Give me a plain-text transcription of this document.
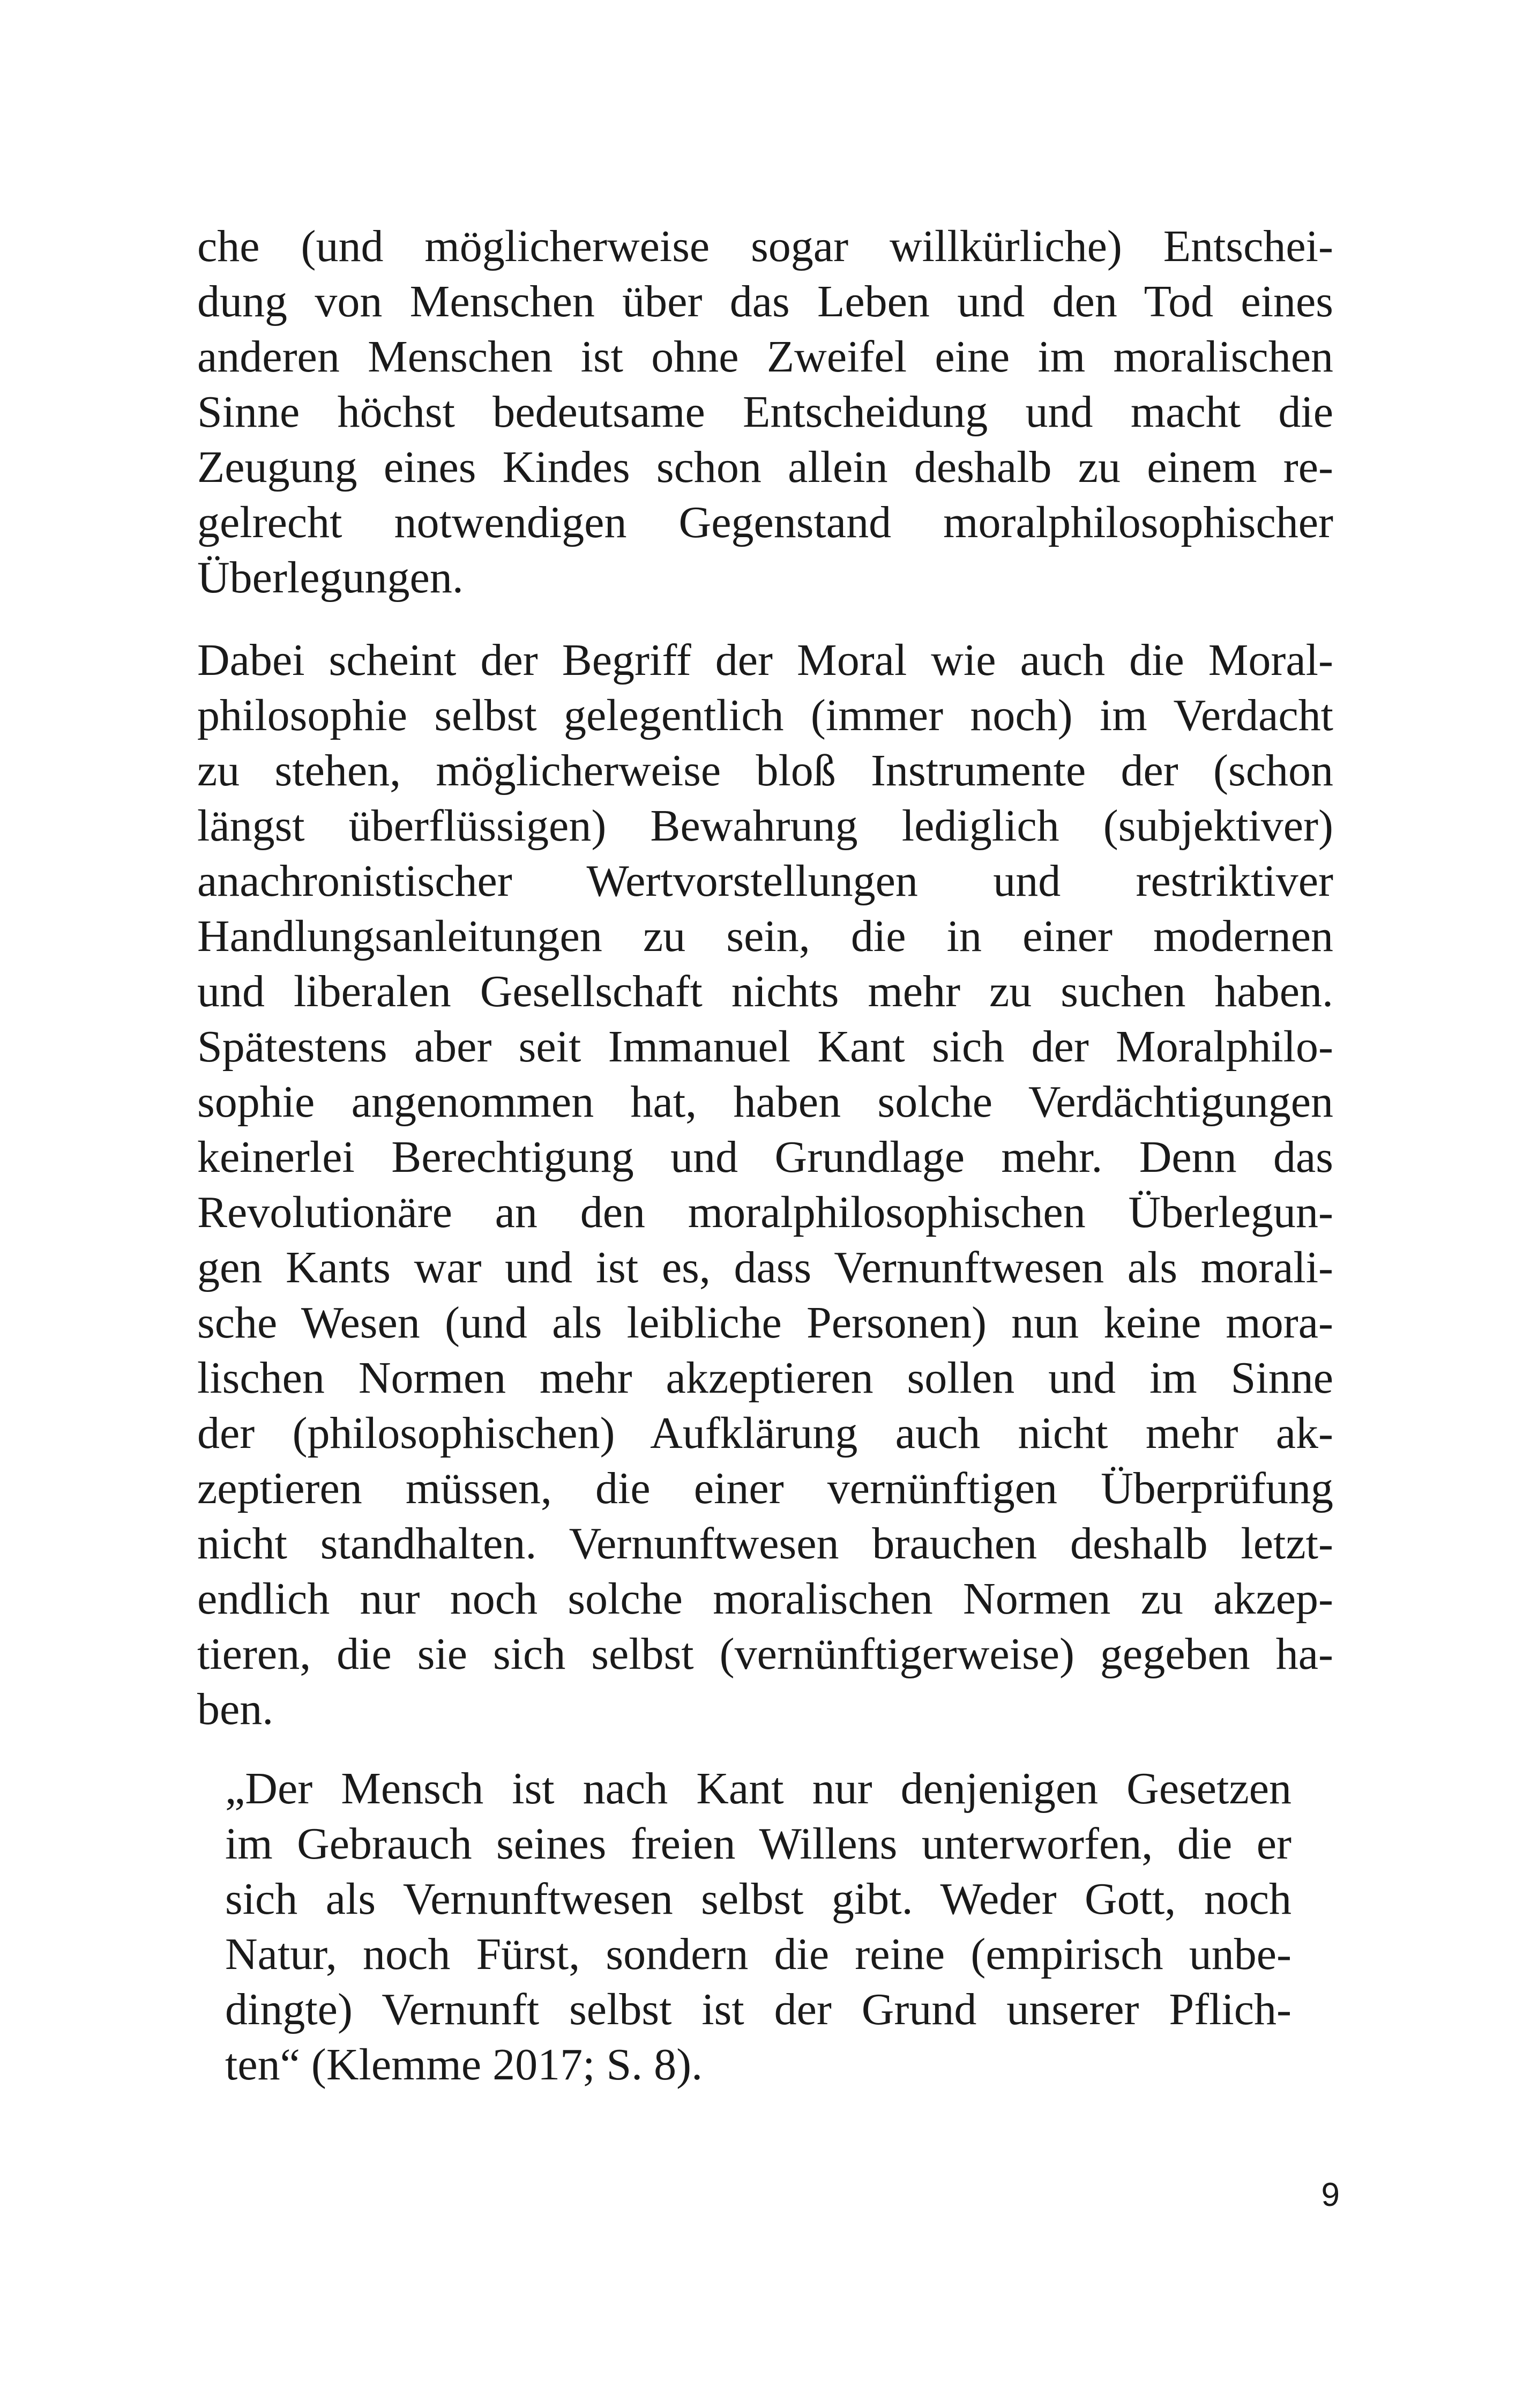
che (und möglicherweise sogar willkürliche) Entschei-
dung von Menschen über das Leben und den Tod eines
anderen Menschen ist ohne Zweifel eine im moralischen
Sinne höchst bedeutsame Entscheidung und macht die
Zeugung eines Kindes schon allein deshalb zu einem re-
gelrecht notwendigen Gegenstand moralphilosophischer
Überlegungen.

Dabei scheint der Begriff der Moral wie auch die Moral-
philosophie selbst gelegentlich (immer noch) im Verdacht
zu stehen, möglicherweise bloß Instrumente der (schon
längst überflüssigen) Bewahrung lediglich (subjektiver)
anachronistischer Wertvorstellungen und restriktiver
Handlungsanleitungen zu sein, die in einer modernen
und liberalen Gesellschaft nichts mehr zu suchen haben.
Spätestens aber seit Immanuel Kant sich der Moralphilo-
sophie angenommen hat, haben solche Verdächtigungen
keinerlei Berechtigung und Grundlage mehr. Denn das
Revolutionäre an den moralphilosophischen Überlegun-
gen Kants war und ist es, dass Vernunftwesen als morali-
sche Wesen (und als leibliche Personen) nun keine mora-
lischen Normen mehr akzeptieren sollen und im Sinne
der (philosophischen) Aufklärung auch nicht mehr ak-
zeptieren müssen, die einer vernünftigen Überprüfung
nicht standhalten. Vernunftwesen brauchen deshalb letzt-
endlich nur noch solche moralischen Normen zu akzep-
tieren, die sie sich selbst (vernünftigerweise) gegeben ha-
ben.

„Der Mensch ist nach Kant nur denjenigen Gesetzen
im Gebrauch seines freien Willens unterworfen, die er
sich als Vernunftwesen selbst gibt. Weder Gott, noch
Natur, noch Fürst, sondern die reine (empirisch unbe-
dingte) Vernunft selbst ist der Grund unserer Pflich-
ten“ (Klemme 2017; S. 8).
9
